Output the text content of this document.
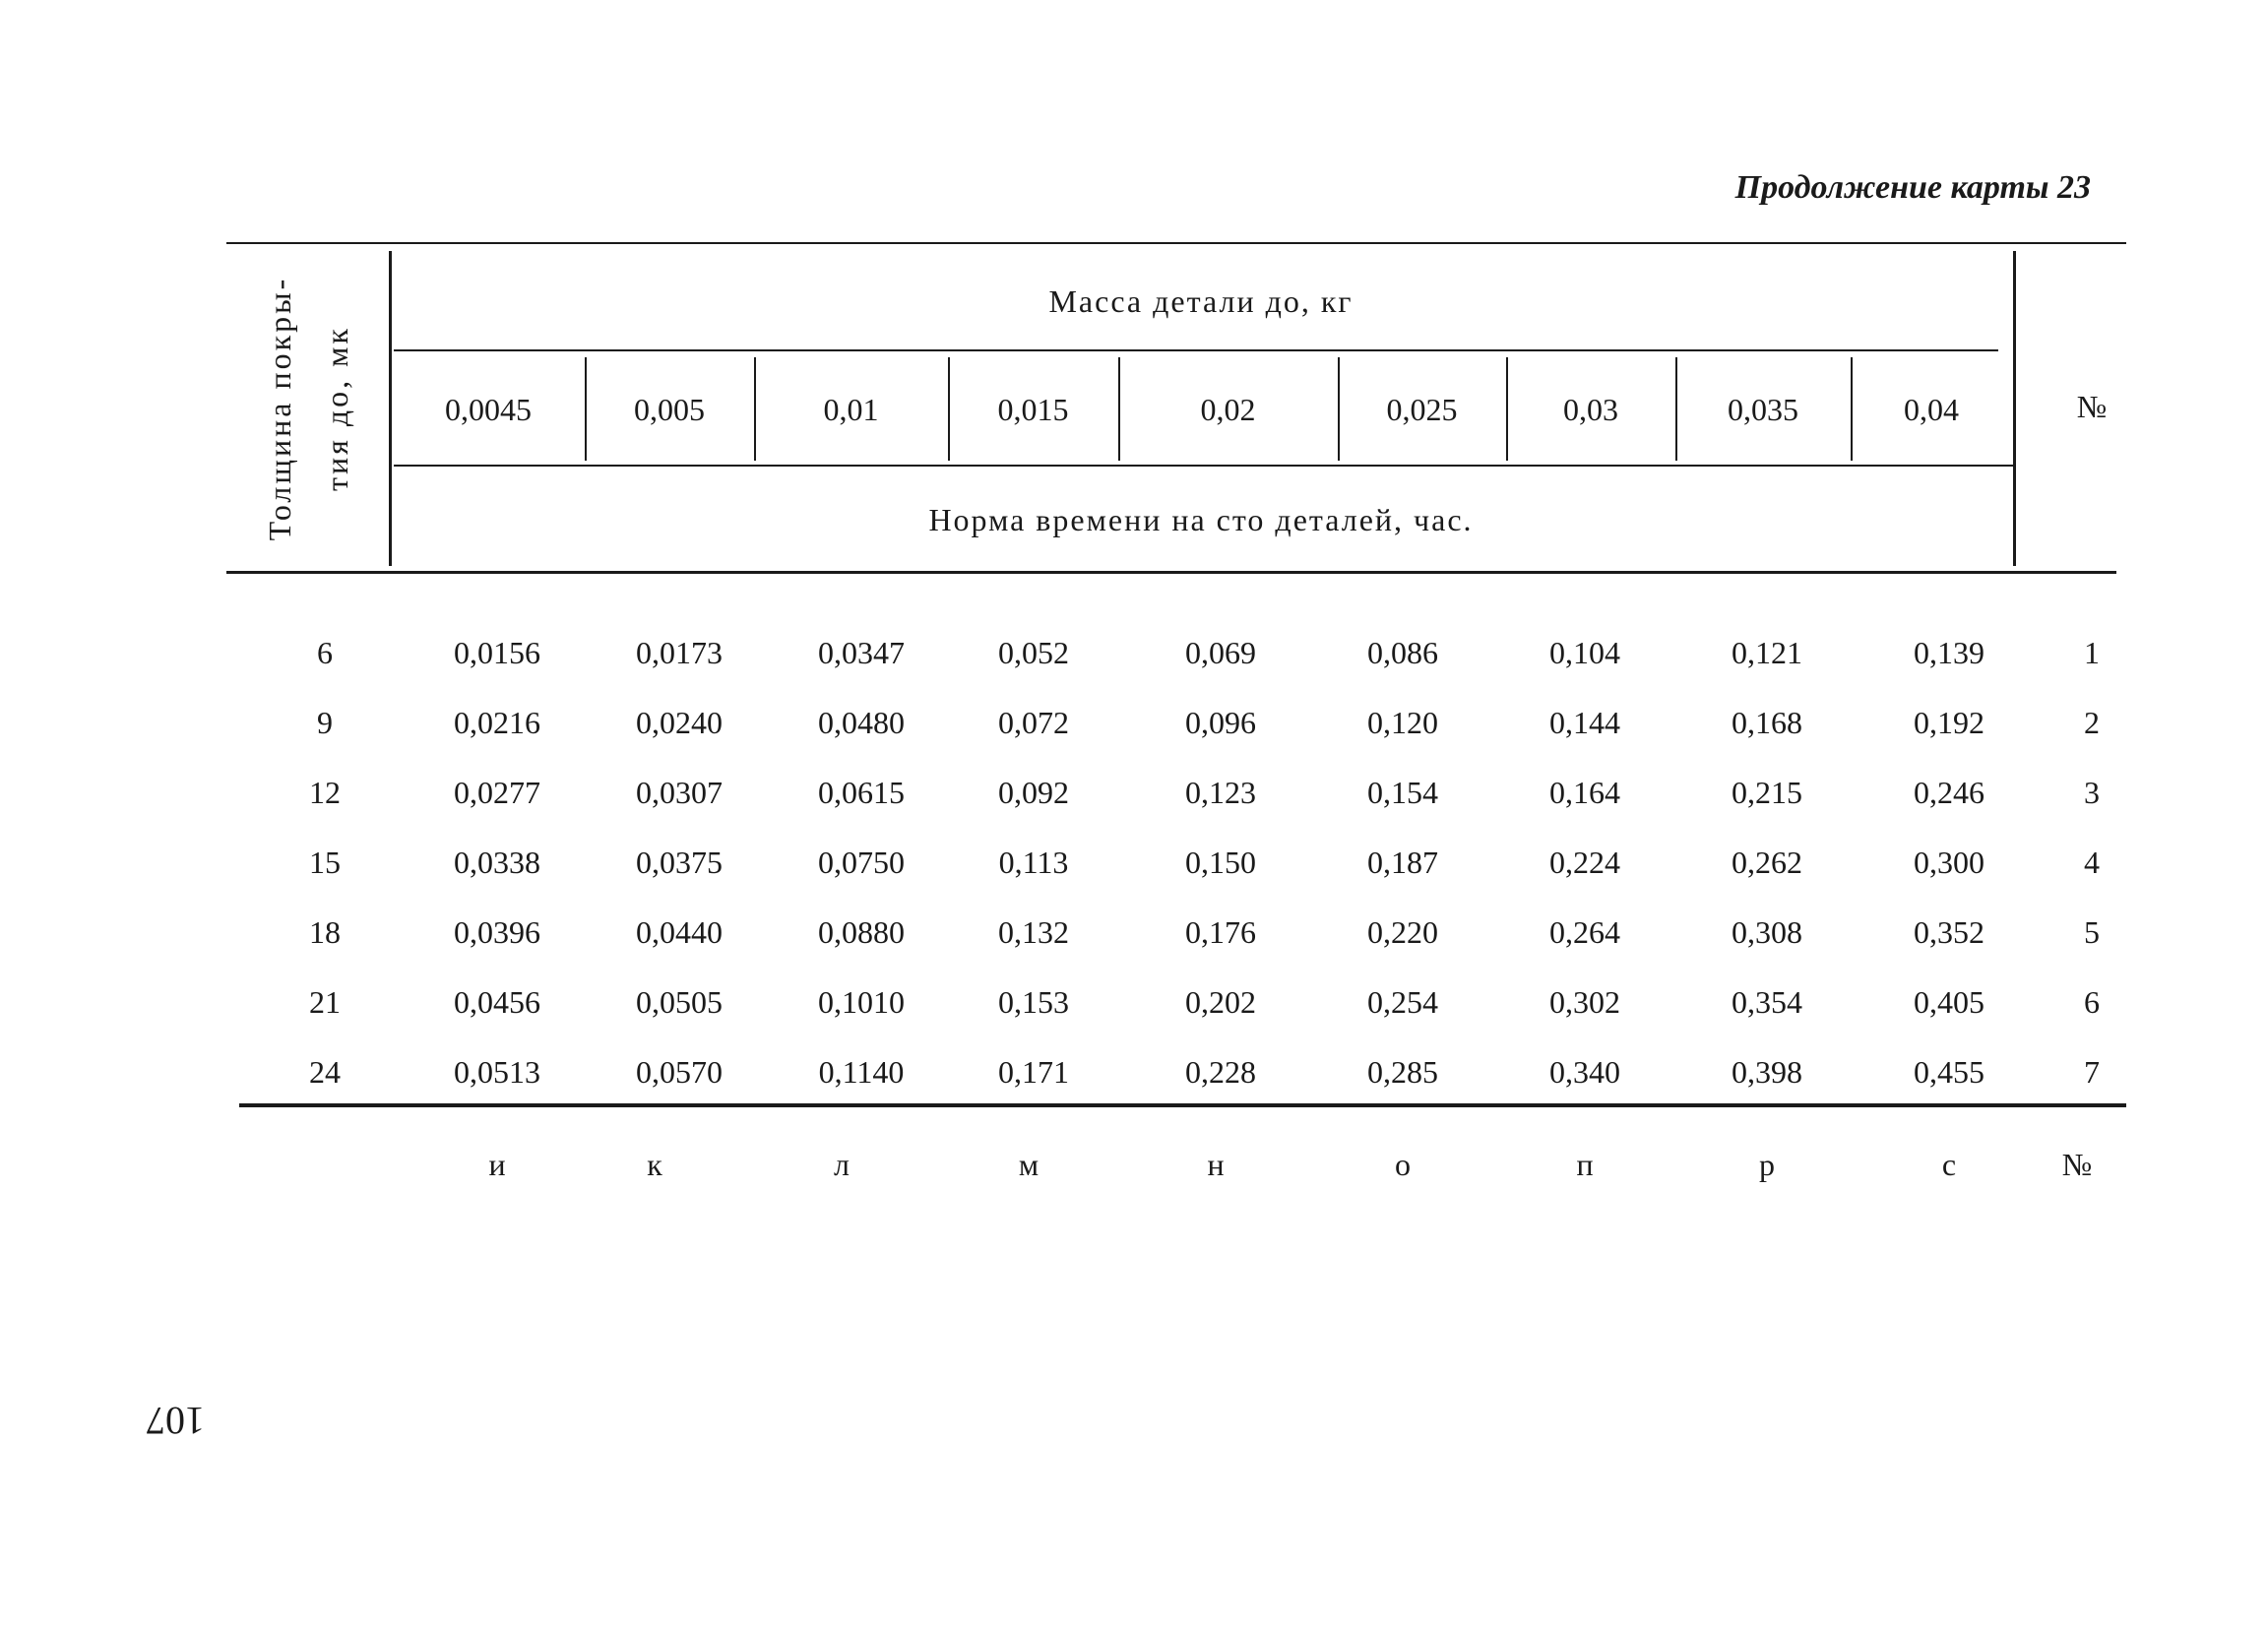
Продолжение карты 23
Толщина покры- тия до, мк
Масса детали до, кг
0,0045	0,005	0,01	0,015	0,02	0,025	0,03	0,035	0,04
Норма времени на сто деталей, час.
№
6	0,0156	0,0173	0,0347	0,052	0,069	0,086	0,104	0,121	0,139	1
9	0,0216	0,0240	0,0480	0,072	0,096	0,120	0,144	0,168	0,192	2
12	0,0277	0,0307	0,0615	0,092	0,123	0,154	0,164	0,215	0,246	3
15	0,0338	0,0375	0,0750	0,113	0,150	0,187	0,224	0,262	0,300	4
18	0,0396	0,0440	0,0880	0,132	0,176	0,220	0,264	0,308	0,352	5
21	0,0456	0,0505	0,1010	0,153	0,202	0,254	0,302	0,354	0,405	6
24	0,0513	0,0570	0,1140	0,171	0,228	0,285	0,340	0,398	0,455	7
и	к	л	м	н	о	п	р	с	№
107
